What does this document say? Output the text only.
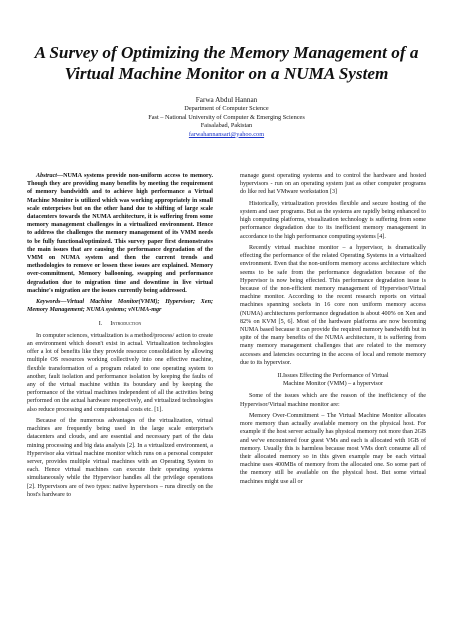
A Survey of Optimizing the Memory Management of a Virtual Machine Monitor on a NUMA System
Farwa Abdul Hannan
Department of Computer Science
Fast – National University of Computer & Emerging Sciences
Faisalabad, Pakistan
farwahannansari@yahoo.com

Abstract—NUMA systems provide non-uniform access to memory. Though they are providing many benefits by meeting the requirement of memory bandwidth and to achieve high performance a Virtual Machine Monitor is utilized which was working appropriately in small scale enterprises but on the other hand due to shifting of large scale datacenters towards the NUMA architecture, it is suffering from some memory management challenges in a virtualized environment. Hence to address the challenges the memory management of its VMM needs to be fully functional/optimized. This survey paper first demonstrates the main issues that are causing the performance degradation of the VMM on NUMA system and then the current trends and methodologies to remove or lessen these issues are explained. Memory over-commitment, Memory ballooning, swapping and performance degradation due to migration time and downtime in live virtual machine's migration are the issues currently being addressed.

Keywords—Virtual Machine Monitor(VMM); Hypervisor; Xen; Memory Management; NUMA systems; vNUMA-mgr

I. Introduction

In computer sciences, virtualization is a method/process/ action to create an environment which doesn't exist in actual. Virtualization technologies offer a lot of benefits like they provide resource consolidation by allowing multiple OS resources working collectively into one effective machine, flexible transformation of a program related to one operating system to another, fault isolation and performance isolation by keeping the faults of any of the virtual machine within its boundary and by keeping the performance of the virtual machines independent of all the activities being performed on the actual hardware respectively, and virtualized technologies also reduce processing and computational costs etc. [1].

Because of the numerous advantages of the virtualization, virtual machines are frequently being used in the large scale enterprise's datacenters and clouds, and are essential and necessary part of the data mining processing and big data analysis [2]. In a virtualized environment, a Hypervisor aka virtual machine monitor which runs on a personal computer server, provides multiple virtual machines with an Operating System to each. Hence virtual machines can execute their operating systems simultaneously while the Hypervisor handles all the privilege operations [2]. Hypervisors are of two types: native hypervisors – runs directly on the host's hardware to

manage guest operating systems and to control the hardware and hosted hypervisors - run on an operating system just as other computer programs do like red hat VMware workstation [3]

Historically, virtualization provides flexible and secure hosting of the system and user programs. But as the systems are rapidly being enhanced to high computing platforms, visualization technology is suffering from some performance degradation due to its inefficient memory management in accordance to the high performance computing systems [4].

Recently virtual machine monitor – a hypervisor, is dramatically effecting the performance of the related Operating Systems in a virtualized environment. Even that the non-uniform memory access architecture which seems to be safe from the performance degradation because of the Hypervisor is now being effected. This performance degradation issue is because of the non-efficient memory management of Hypervisor/Virtual machine monitor. According to the recent research reports on virtual machines spanning sockets in 16 core non uniform memory access (NUMA) architectures performance degradation is about 400% on Xen and 82% on KVM [5, 6]. Most of the hardware platforms are now becoming NUMA based because it can provide the required memory bandwidth but in spite of the many benefits of the NUMA architecture, it is suffering from many memory management challenges that are related to the memory accesses and latencies occurring in the access of local and remote memory due to its hypervisor.

II.Issues Effecting the Performance of Virtual
Machine Monitor (VMM) – a hypervisor

Some of the issues which are the reason of the inefficiency of the Hypervisor/Virtual machine monitor are:

Memory Over-Commitment – The Virtual Machine Monitor allocates more memory than actually available memory on the physical host. For example if the host server actually has physical memory not more than 2GB and we've encountered four guest VMs and each is allocated with 1GB of memory. Usually this is harmless because most VMs don't consume all of their allocated memory so in this given example may be each virtual machine uses 400MBs of memory from the allocated one. So some part of the memory still be available on the physical host. But some virtual machines might use all or
